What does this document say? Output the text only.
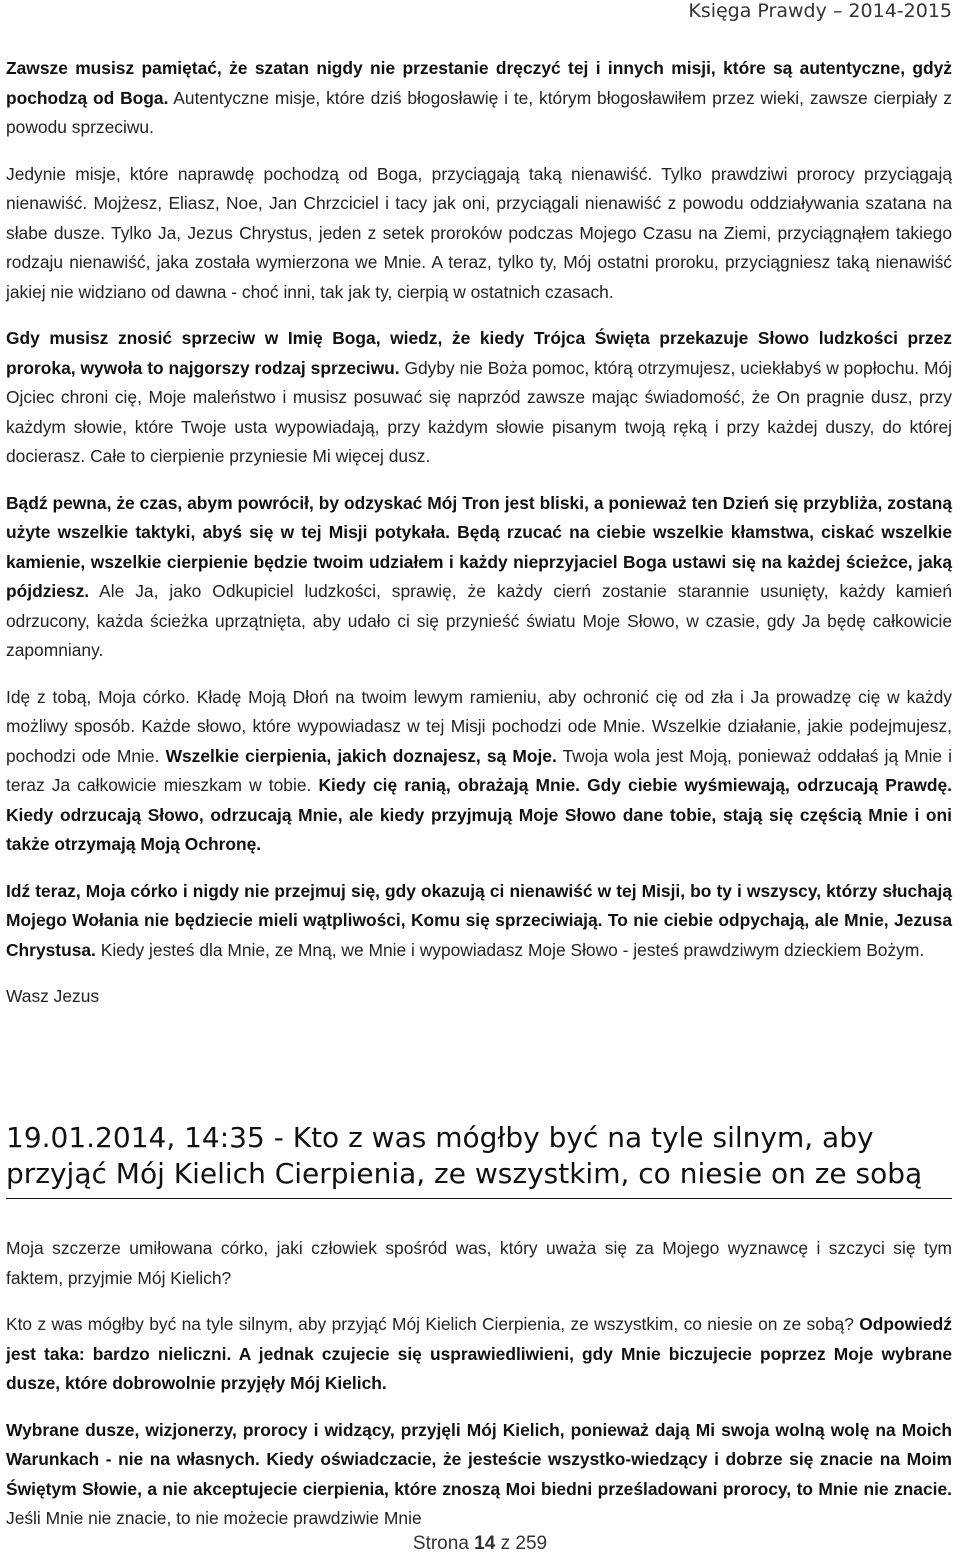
Księga Prawdy – 2014-2015

Zawsze musisz pamiętać, że szatan nigdy nie przestanie dręczyć tej i innych misji, które są autentyczne, gdyż pochodzą od Boga. Autentyczne misje, które dziś błogosławię i te, którym błogosławiłem przez wieki, zawsze cierpiały z powodu sprzeciwu.

Jedynie misje, które naprawdę pochodzą od Boga, przyciągają taką nienawiść. Tylko prawdziwi prorocy przyciągają nienawiść. Mojżesz, Eliasz, Noe, Jan Chrzciciel i tacy jak oni, przyciągali nienawiść z powodu oddziaływania szatana na słabe dusze. Tylko Ja, Jezus Chrystus, jeden z setek proroków podczas Mojego Czasu na Ziemi, przyciągnąłem takiego rodzaju nienawiść, jaka została wymierzona we Mnie. A teraz, tylko ty, Mój ostatni proroku, przyciągniesz taką nienawiść jakiej nie widziano od dawna - choć inni, tak jak ty, cierpią w ostatnich czasach.

Gdy musisz znosić sprzeciw w Imię Boga, wiedz, że kiedy Trójca Święta przekazuje Słowo ludzkości przez proroka, wywoła to najgorszy rodzaj sprzeciwu. Gdyby nie Boża pomoc, którą otrzymujesz, uciekłabyś w popłochu. Mój Ojciec chroni cię, Moje maleństwo i musisz posuwać się naprzód zawsze mając świadomość, że On pragnie dusz, przy każdym słowie, które Twoje usta wypowiadają, przy każdym słowie pisanym twoją ręką i przy każdej duszy, do której docierasz. Całe to cierpienie przyniesie Mi więcej dusz.

Bądź pewna, że czas, abym powrócił, by odzyskać Mój Tron jest bliski, a ponieważ ten Dzień się przybliża, zostaną użyte wszelkie taktyki, abyś się w tej Misji potykała. Będą rzucać na ciebie wszelkie kłamstwa, ciskać wszelkie kamienie, wszelkie cierpienie będzie twoim udziałem i każdy nieprzyjaciel Boga ustawi się na każdej ścieżce, jaką pójdziesz. Ale Ja, jako Odkupiciel ludzkości, sprawię, że każdy cierń zostanie starannie usunięty, każdy kamień odrzucony, każda ścieżka uprzątnięta, aby udało ci się przynieść światu Moje Słowo, w czasie, gdy Ja będę całkowicie zapomniany.

Idę z tobą, Moja córko. Kładę Moją Dłoń na twoim lewym ramieniu, aby ochronić cię od zła i Ja prowadzę cię w każdy możliwy sposób. Każde słowo, które wypowiadasz w tej Misji pochodzi ode Mnie. Wszelkie działanie, jakie podejmujesz, pochodzi ode Mnie. Wszelkie cierpienia, jakich doznajesz, są Moje. Twoja wola jest Moją, ponieważ oddałaś ją Mnie i teraz Ja całkowicie mieszkam w tobie. Kiedy cię ranią, obrażają Mnie. Gdy ciebie wyśmiewają, odrzucają Prawdę. Kiedy odrzucają Słowo, odrzucają Mnie, ale kiedy przyjmują Moje Słowo dane tobie, stają się częścią Mnie i oni także otrzymają Moją Ochronę.

Idź teraz, Moja córko i nigdy nie przejmuj się, gdy okazują ci nienawiść w tej Misji, bo ty i wszyscy, którzy słuchają Mojego Wołania nie będziecie mieli wątpliwości, Komu się sprzeciwiają. To nie ciebie odpychają, ale Mnie, Jezusa Chrystusa. Kiedy jesteś dla Mnie, ze Mną, we Mnie i wypowiadasz Moje Słowo - jesteś prawdziwym dzieckiem Bożym.

Wasz Jezus

19.01.2014, 14:35 - Kto z was mógłby być na tyle silnym, aby przyjąć Mój Kielich Cierpienia, ze wszystkim, co niesie on ze sobą

Moja szczerze umiłowana córko, jaki człowiek spośród was, który uważa się za Mojego wyznawcę i szczyci się tym faktem, przyjmie Mój Kielich?

Kto z was mógłby być na tyle silnym, aby przyjąć Mój Kielich Cierpienia, ze wszystkim, co niesie on ze sobą? Odpowiedź jest taka: bardzo nieliczni. A jednak czujecie się usprawiedliwieni, gdy Mnie biczujecie poprzez Moje wybrane dusze, które dobrowolnie przyjęły Mój Kielich.

Wybrane dusze, wizjonerzy, prorocy i widzący, przyjęli Mój Kielich, ponieważ dają Mi swoja wolną wolę na Moich Warunkach - nie na własnych. Kiedy oświadczacie, że jesteście wszystko-wiedzący i dobrze się znacie na Moim Świętym Słowie, a nie akceptujecie cierpienia, które znoszą Moi biedni prześladowani prorocy, to Mnie nie znacie. Jeśli Mnie nie znacie, to nie możecie prawdziwie Mnie

Strona 14 z 259
